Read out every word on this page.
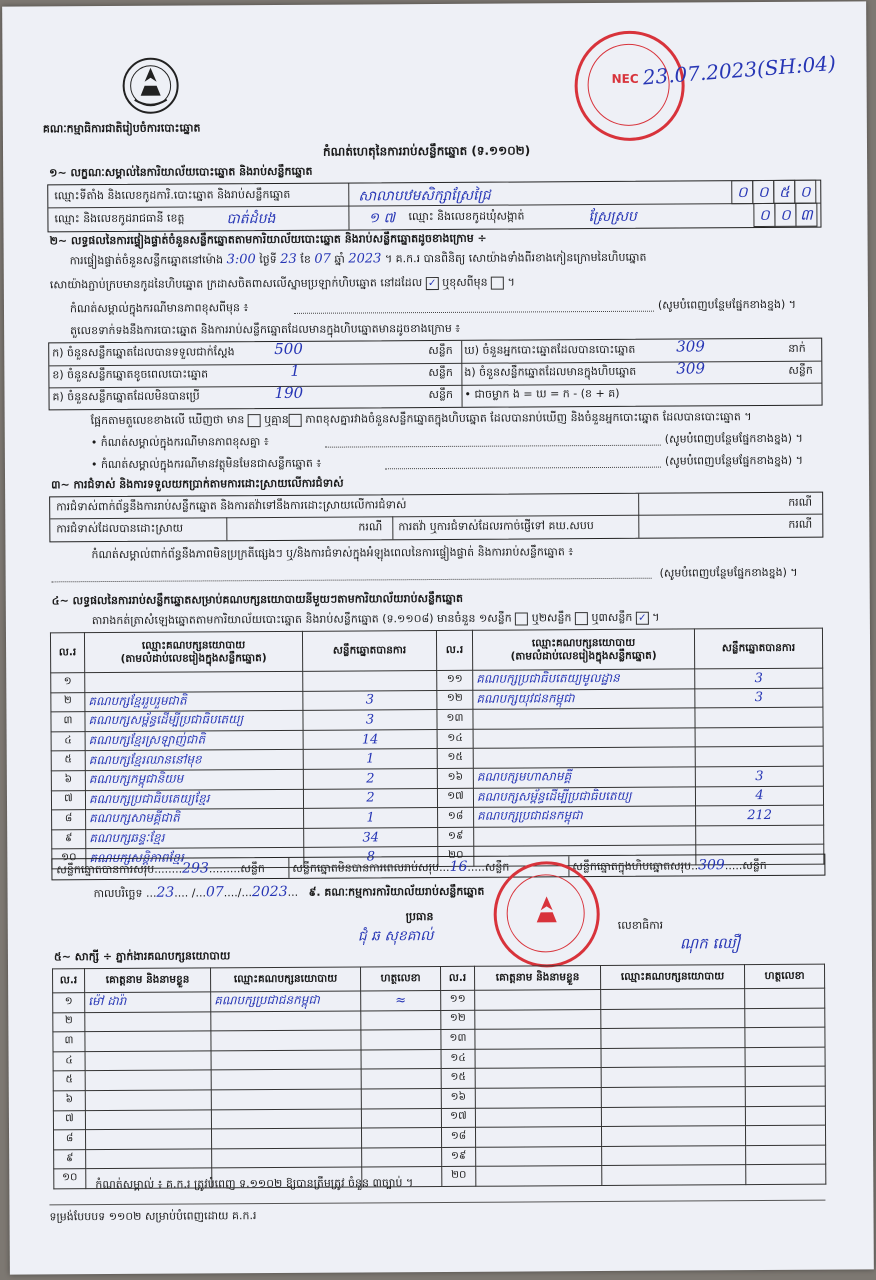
គណៈកម្មាធិការជាតិរៀបចំការបោះឆ្នោត
NEC 23.07.2023(SH:04)
កំណត់ហេតុនៃការរាប់សន្លឹកឆ្នោត (ទ.១១០២)
១~ លក្ខណៈសម្គាល់នៃការិយាល័យបោះឆ្នោត និងរាប់សន្លឹកឆ្នោត
ឈ្មោះទីតាំង និងលេខកូដការិ.បោះឆ្នោត និងរាប់សន្លឹកឆ្នោត	សាលាបឋមសិក្សាស្រែជ្រៃ	០ ០ ៥ ០
ឈ្មោះ និងលេខកូដរាជធានី ខេត្ត	បាត់ដំបង	១ ៧ ឈ្មោះ និងលេខកូដឃុំសង្កាត់	ស្រែស្រប	០ ០ ៣
២~ លទ្ធផលនៃការផ្ទៀងផ្ទាត់ចំនួនសន្លឹកឆ្នោតតាមការិយាល័យបោះឆ្នោត និងរាប់សន្លឹកឆ្នោតដូចខាងក្រោម ÷
ការផ្ទៀងផ្ទាត់ចំនួនសន្លឹកឆ្នោតនៅម៉ោង 3:00 ថ្ងៃទី 23 ខែ 07 ឆ្នាំ 2023 ។ គ.ក.រ បានពិនិត្យ សោយ៉ាងទាំងពីរខាងកៀនក្រោមនៃហិបឆ្នោត
សោយ៉ាងភ្ជាប់ក្របមានកូដនៃហិបឆ្នោត ក្រដាសចិតពាសលើស្នាមប្រឡាក់ហិបឆ្នោត នៅដដែល ✓ ឬខុសពីមុន  ។
កំណត់សម្គាល់ក្នុងករណីមានភាពខុសពីមុន ៖	(សូមបំពេញបន្ថែមផ្នែកខាងខ្នង) ។
តួលេខទាក់ទងនឹងការបោះឆ្នោត និងការរាប់សន្លឹកឆ្នោតដែលមានក្នុងហិបឆ្នោតមានដូចខាងក្រោម ៖
ក) ចំនួនសន្លឹកឆ្នោតដែលបានទទួលជាក់ស្តែង	500	សន្លឹក ឃ) ចំនួនអ្នកបោះឆ្នោតដែលបានបោះឆ្នោត	309	នាក់
ខ) ចំនួនសន្លឹកឆ្នោតខូចពេលបោះឆ្នោត	1	សន្លឹក ង) ចំនួនសន្លឹកឆ្នោតដែលមានក្នុងហិបឆ្នោត	309	សន្លឹក
គ) ចំនួនសន្លឹកឆ្នោតដែលមិនបានប្រើ	190	សន្លឹក • ជាចម្លាក ង = ឃ = ក - (ខ + គ)
ផ្អែកតាមតួលេខខាងលើ ឃើញថា មាន ឬគ្មាន ភាពខុសគ្នារវាងចំនួនសន្លឹកឆ្នោតក្នុងហិបឆ្នោត ដែលបានរាប់ឃើញ និងចំនួនអ្នកបោះឆ្នោត ដែលបានបោះឆ្នោត ។
• កំណត់សម្គាល់ក្នុងករណីមានភាពខុសគ្នា ៖	(សូមបំពេញបន្ថែមផ្នែកខាងខ្នង) ។
• កំណត់សម្គាល់ក្នុងករណីមានវត្ថុមិនមែនជាសន្លឹកឆ្នោត ៖	(សូមបំពេញបន្ថែមផ្នែកខាងខ្នង) ។
៣~ ការជំទាស់ និងការទទួលយកប្រាក់តាមការដោះស្រាយលើការជំទាស់
ការជំទាស់ពាក់ព័ន្ធនឹងការរាប់សន្លឹកឆ្នោត និងការតវ៉ាទៅនឹងការដោះស្រាយលើការជំទាស់	ករណី
ការជំទាស់ដែលបានដោះស្រាយ	ករណី ការតវ៉ា ឬការជំទាស់ដែលរកាច់ផ្ញើទៅ គឃ.សបប	ករណី
កំណត់សម្គាល់ពាក់ព័ន្ធនឹងភាពមិនប្រក្រតីផ្សេងៗ ឬ/និងការជំទាស់ក្នុងអំឡុងពេលនៃការផ្ទៀងផ្ទាត់ និងការរាប់សន្លឹកឆ្នោត ៖
(សូមបំពេញបន្ថែមផ្នែកខាងខ្នង) ។
៤~ លទ្ធផលនៃការរាប់សន្លឹកឆ្នោតសម្រាប់គណបក្សនយោបាយនីមួយៗតាមការិយាល័យរាប់សន្លឹកឆ្នោត
តារាងកត់ត្រាសំឡេងឆ្នោតតាមការិយាល័យបោះឆ្នោត និងរាប់សន្លឹកឆ្នោត (ទ.១១០៨) មានចំនួន ១សន្លឹក ឬ២សន្លឹក ឬ៣សន្លឹក ✓ ។
ល.រ	ឈ្មោះគណបក្សនយោបាយ
(តាមលំដាប់លេខរៀងក្នុងសន្លឹកឆ្នោត)	សន្លឹកឆ្នោតបានការ	ល.រ	ឈ្មោះគណបក្សនយោបាយ
(តាមលំដាប់លេខរៀងក្នុងសន្លឹកឆ្នោត)	សន្លឹកឆ្នោតបានការ
១			១១	គណបក្សប្រជាធិបតេយ្យមូលដ្ឋាន	3
២	គណបក្សខ្មែររួបរួមជាតិ	3	១២	គណបក្សយុវជនកម្ពុជា	3
៣	គណបក្សសម្ព័ន្ធដើម្បីប្រជាធិបតេយ្យ	3	១៣		
៤	គណបក្សខ្មែរស្រឡាញ់ជាតិ	14	១៤		
៥	គណបក្សខ្មែរឈាននៅមុខ	1	១៥		
៦	គណបក្សកម្ពុជានិយម	2	១៦	គណបក្សមហាសាមគ្គី	3
៧	គណបក្សប្រជាធិបតេយ្យខ្មែរ	2	១៧	គណបក្សសម្ព័ន្ធដើម្បីប្រជាធិបតេយ្យ	4
៨	គណបក្សសាមគ្គីជាតិ	1	១៨	គណបក្សប្រជាជនកម្ពុជា	212
៩	គណបក្សឆន្ទៈខ្មែរ	34	១៩		
១០	គណបក្សសន្តិភាពខ្មែរ	8	២០		
សន្លឹកឆ្នោតបានការសរុប........293.........សន្លឹក សន្លឹកឆ្នោតមិនបានការពេលរាប់សរុប...16.....សន្លឹក	សន្លឹកឆ្នោតក្នុងហិបឆ្នោតសរុប..309.....សន្លឹក
កាលបរិច្ឆេទ ...23.... /...07..../...2023...   ៩. គណៈកម្មការការិយាល័យរាប់សន្លឹកឆ្នោត
ប្រធាន
ជុំ ឆ សុខគាល់
លេខាធិការ
ណុក ឈឿ
៥~ សាក្សី ÷ ភ្នាក់ងារគណបក្សនយោបាយ
ល.រ	គោត្តនាម និងនាមខ្លួន	ឈ្មោះគណបក្សនយោបាយ	ហត្ថលេខា	ល.រ	គោត្តនាម និងនាមខ្លួន	ឈ្មោះគណបក្សនយោបាយ	ហត្ថលេខា
១	ម៉ៅ ដារ៉ា	គណបក្សប្រជាជនកម្ពុជា	≈	១១			
២				១២			
៣				១៣			
៤				១៤			
៥				១៥			
៦				១៦			
៧				១៧			
៨				១៨			
៩				១៩			
១០				២០			
កំណត់សម្គាល់ ៖ គ.ក.រ ត្រូវបំពេញ ទ.១១០២ ឱ្យបានត្រឹមត្រូវ ចំនួន ៣ច្បាប់ ។
ទម្រង់បែបបទ ១១០២ សម្រាប់បំពេញដោយ គ.ក.រ
